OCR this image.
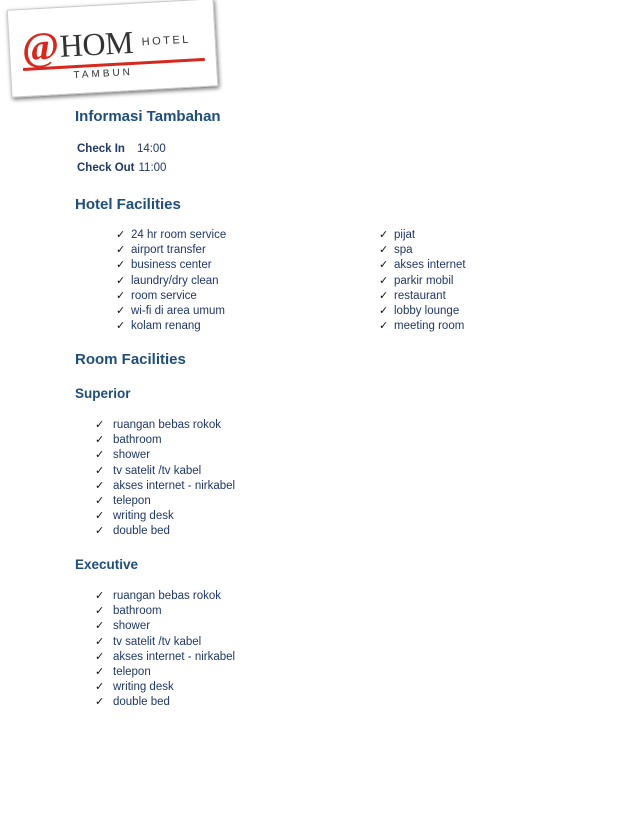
@
HOM HOTEL
TAMBUN
Informasi Tambahan
Check In 14:00
Check Out 11:00
Hotel Facilities
✓ 24 hr room service
✓ airport transfer
✓ business center
✓ laundry/dry clean
✓ room service
✓ wi-fi di area umum
✓ kolam renang
✓ pijat
✓ spa
✓ akses internet
✓ parkir mobil
✓ restaurant
✓ lobby lounge
✓ meeting room
Room Facilities
Superior
✓ ruangan bebas rokok
✓ bathroom
✓ shower
✓ tv satelit /tv kabel
✓ akses internet - nirkabel
✓ telepon
✓ writing desk
✓ double bed
Executive
✓ ruangan bebas rokok
✓ bathroom
✓ shower
✓ tv satelit /tv kabel
✓ akses internet - nirkabel
✓ telepon
✓ writing desk
✓ double bed
